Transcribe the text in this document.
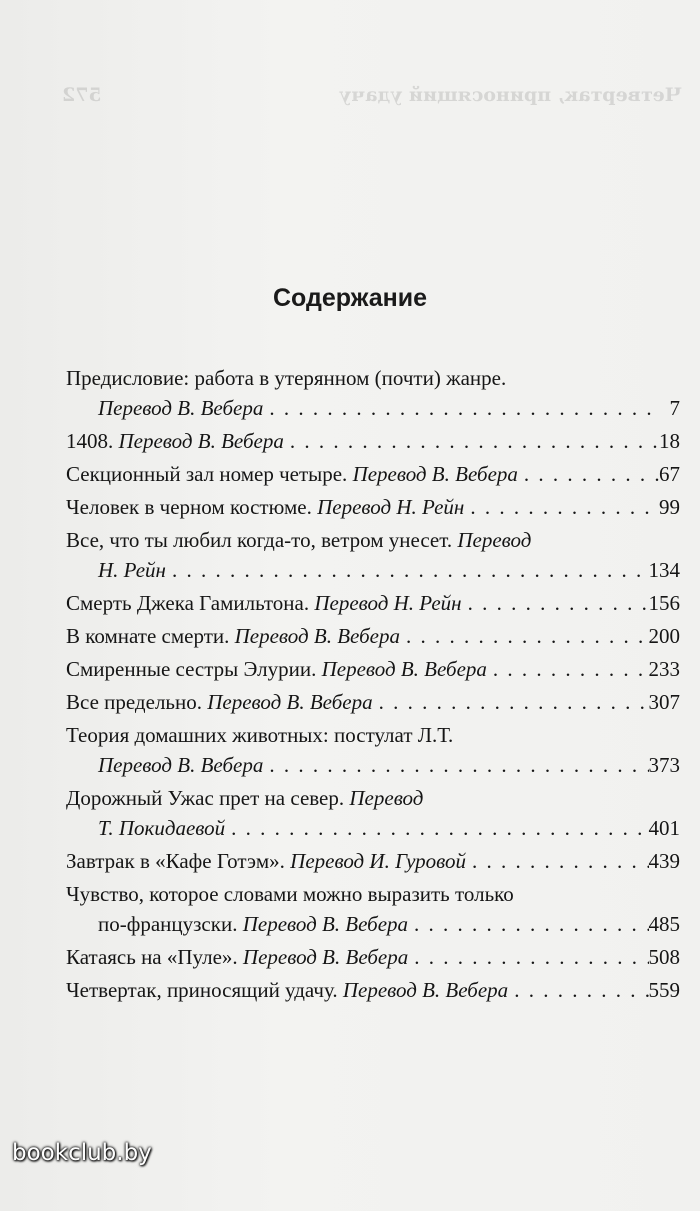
Четвертак, приносящий удачу
572
Содержание
Предисловие: работа в утерянном (почти) жанре.
Перевод В. Вебера . . .	7
1408.
Перевод В. Вебера . . .	18
Секционный зал номер четыре.
Перевод В. Вебера . . .	67
Человек в черном костюме.
Перевод Н. Рейн . . .	99
Все, что ты любил когда-то, ветром унесет.
Перевод
Н. Рейн . . .	134
Смерть Джека Гамильтона.
Перевод Н. Рейн . . .	156
В комнате смерти.
Перевод В. Вебера . . .	200
Смиренные сестры Элурии.
Перевод В. Вебера . . .	233
Все предельно.
Перевод В. Вебера . . .	307
Теория домашних животных: постулат Л.Т.
Перевод В. Вебера . . .	373
Дорожный Ужас прет на север.
Перевод
Т. Покидаевой . . .	401
Завтрак в «Кафе Готэм».
Перевод И. Гуровой . . .	439
Чувство, которое словами можно выразить только
по-французски.
Перевод В. Вебера . . .	485
Катаясь на «Пуле».
Перевод В. Вебера . . .	508
Четвертак, приносящий удачу.
Перевод В. Вебера . . .	559
bookclub.by
